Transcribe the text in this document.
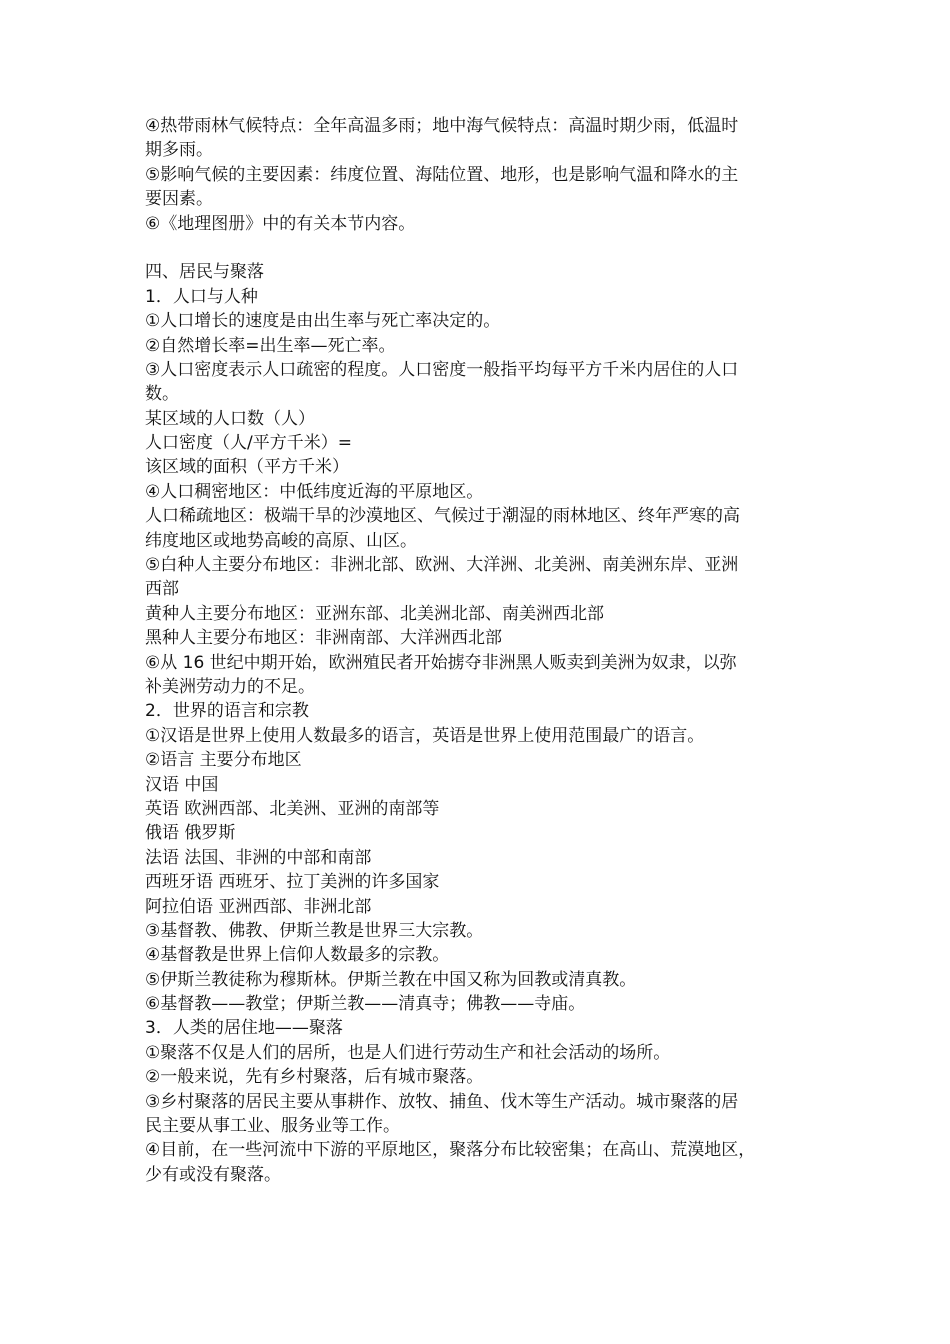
④热带雨林气候特点：全年高温多雨；地中海气候特点：高温时期少雨，低温时
期多雨。
⑤影响气候的主要因素：纬度位置、海陆位置、地形，也是影响气温和降水的主
要因素。
⑥《地理图册》中的有关本节内容。
四、居民与聚落
1．人口与人种
①人口增长的速度是由出生率与死亡率决定的。
②自然增长率=出生率—死亡率。
③人口密度表示人口疏密的程度。人口密度一般指平均每平方千米内居住的人口
数。
某区域的人口数（人）
人口密度（人/平方千米）=
该区域的面积（平方千米）
④人口稠密地区：中低纬度近海的平原地区。
人口稀疏地区：极端干旱的沙漠地区、气候过于潮湿的雨林地区、终年严寒的高
纬度地区或地势高峻的高原、山区。
⑤白种人主要分布地区：非洲北部、欧洲、大洋洲、北美洲、南美洲东岸、亚洲
西部
黄种人主要分布地区：亚洲东部、北美洲北部、南美洲西北部
黑种人主要分布地区：非洲南部、大洋洲西北部
⑥从 16 世纪中期开始，欧洲殖民者开始掳夺非洲黑人贩卖到美洲为奴隶，以弥
补美洲劳动力的不足。
2．世界的语言和宗教
①汉语是世界上使用人数最多的语言，英语是世界上使用范围最广的语言。
②语言 主要分布地区
汉语 中国
英语 欧洲西部、北美洲、亚洲的南部等
俄语 俄罗斯
法语 法国、非洲的中部和南部
西班牙语 西班牙、拉丁美洲的许多国家
阿拉伯语 亚洲西部、非洲北部
③基督教、佛教、伊斯兰教是世界三大宗教。
④基督教是世界上信仰人数最多的宗教。
⑤伊斯兰教徒称为穆斯林。伊斯兰教在中国又称为回教或清真教。
⑥基督教——教堂；伊斯兰教——清真寺；佛教——寺庙。
3．人类的居住地——聚落
①聚落不仅是人们的居所，也是人们进行劳动生产和社会活动的场所。
②一般来说，先有乡村聚落，后有城市聚落。
③乡村聚落的居民主要从事耕作、放牧、捕鱼、伐木等生产活动。城市聚落的居
民主要从事工业、服务业等工作。
④目前，在一些河流中下游的平原地区，聚落分布比较密集；在高山、荒漠地区，
少有或没有聚落。
